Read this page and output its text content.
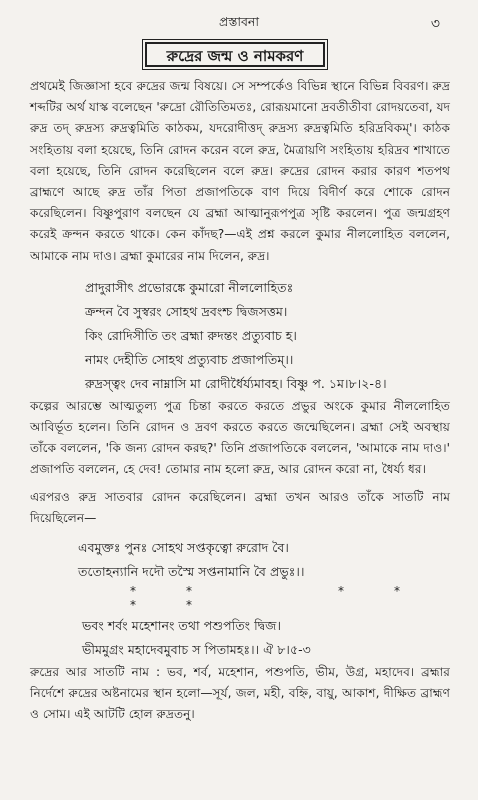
প্রস্তাবনা	৩
রুদ্রের জন্ম ও নামকরণ

প্রথমেই জিজ্ঞাসা হবে রুদ্রের জন্ম বিষয়ে। সে সম্পর্কেও বিভিন্ন স্থানে বিভিন্ন বিবরণ। রুদ্র শব্দটির অর্থ যাস্ক বলেছেন 'রুদ্রো রৌতিতিমতঃ, রোরূয়মানো দ্রবতীতীবা রোদয়তেবা, যদ রুদ্র তদ্ রুদ্রস্য রুদ্রত্বমিতি কাঠকম, যদরোদীত্তদ্ রুদ্রস্য রুদ্রত্বমিতি হরিদ্রবিকম্'। কাঠক সংহিতায় বলা হয়েছে, তিনি রোদন করেন বলে রুদ্র, মৈত্রায়ণি সংহিতায় হরিদ্রব শাখাতে বলা হয়েছে, তিনি রোদন করেছিলেন বলে রুদ্র। রুদ্রের রোদন করার কারণ শতপথ ব্রাহ্মণে আছে রুদ্র তাঁর পিতা প্রজাপতিকে বাণ দিয়ে বিদীর্ণ করে শোকে রোদন করেছিলেন। বিষ্ণুপুরাণ বলছেন যে ব্রহ্মা আত্মানুরূপপুত্র সৃষ্টি করলেন। পুত্র জন্মগ্রহণ করেই ক্রন্দন করতে থাকে। কেন কাঁদছ?—এই প্রশ্ন করলে কুমার নীললোহিত বললেন, আমাকে নাম দাও। ব্রহ্মা কুমারের নাম দিলেন, রুদ্র।

প্রাদুরাসীৎ প্রভোরঙ্কে কুমারো নীললোহিতঃ
ক্রন্দন বৈ সুস্বরং সোহথ দ্রবংশ্চ দ্বিজসত্তম।
কিং রোদিসীতি তং ব্রহ্মা রুদন্তং প্রত্যুবাচ হ।
নামং দেহীতি সোহথ প্রত্যুবাচ প্রজাপতিম্।।
রুদ্রস্ত্বং দেব নাম্নাসি মা রোদীর্ধৈর্য্যমাবহ। বিষ্ণু প. ১ম।৮।২-৪।

কল্পের আরম্ভে আত্মতুল্য পুত্র চিন্তা করতে করতে প্রভুর অংকে কুমার নীললোহিত আবির্ভূত হলেন। তিনি রোদন ও দ্রবণ করতে করতে জন্মেছিলেন। ব্রহ্মা সেই অবস্থায় তাঁকে বললেন, 'কি জন্য রোদন করছ?' তিনি প্রজাপতিকে বললেন, 'আমাকে নাম দাও।' প্রজাপতি বললেন, হে দেব! তোমার নাম হলো রুদ্র, আর রোদন করো না, ধৈর্য্য ধর।

এরপরও রুদ্র সাতবার রোদন করেছিলেন। ব্রহ্মা তখন আরও তাঁকে সাতটি নাম দিয়েছিলেন—

এবমুক্তঃ পুনঃ সোহথ সপ্তকৃত্বো রুরোদ বৈ।
ততোহন্যানি দদৌ তস্মৈ সপ্তনামানি বৈ প্রভুঃ।।
** ** **
ভবং শর্বং মহেশানং তথা পশুপতিং দ্বিজ।
ভীমমুগ্রং মহাদেবমুবাচ স পিতামহঃ।। ঐ ৮।৫-৩

রুদ্রের আর সাতটি নাম : ভব, শর্ব, মহেশান, পশুপতি, ভীম, উগ্র, মহাদেব। ব্রহ্মার নির্দেশে রুদ্রের অষ্টনামের স্থান হলো—সূর্য, জল, মহী, বহ্নি, বায়ু, আকাশ, দীক্ষিত ব্রাহ্মণ ও সোম। এই আটটি হোল রুদ্রতনু।
